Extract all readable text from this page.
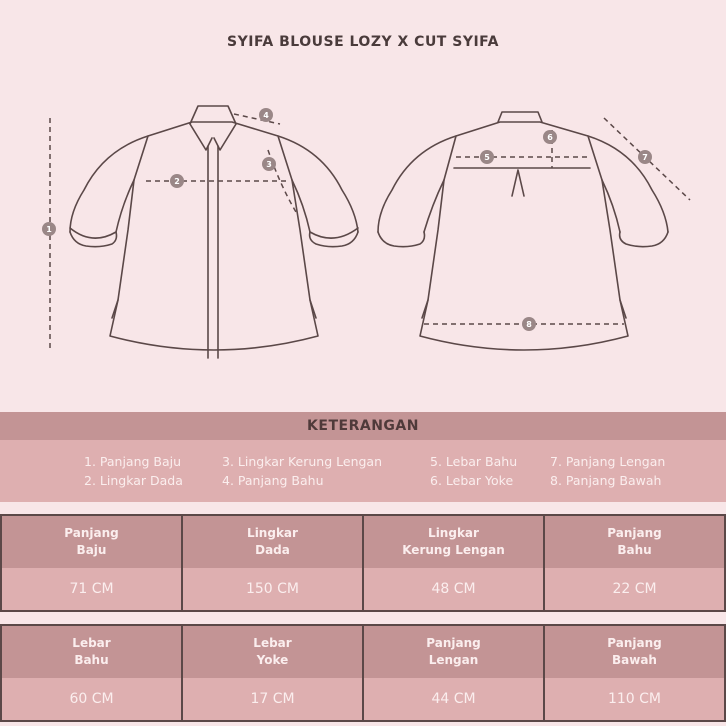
SYIFA BLOUSE LOZY X CUT SYIFA
1
2
3
4
5
6
7
8
KETERANGAN
1. Panjang Baju
2. Lingkar Dada
3. Lingkar Kerung Lengan
4. Panjang Bahu
5. Lebar Bahu
6. Lebar Yoke
7. Panjang Lengan
8. Panjang Bawah
Panjang
Baju
71 CM
Lingkar
Dada
150 CM
Lingkar
Kerung Lengan
48 CM
Panjang
Bahu
22 CM
Lebar
Bahu
60 CM
Lebar
Yoke
17 CM
Panjang
Lengan
44 CM
Panjang
Bawah
110 CM
